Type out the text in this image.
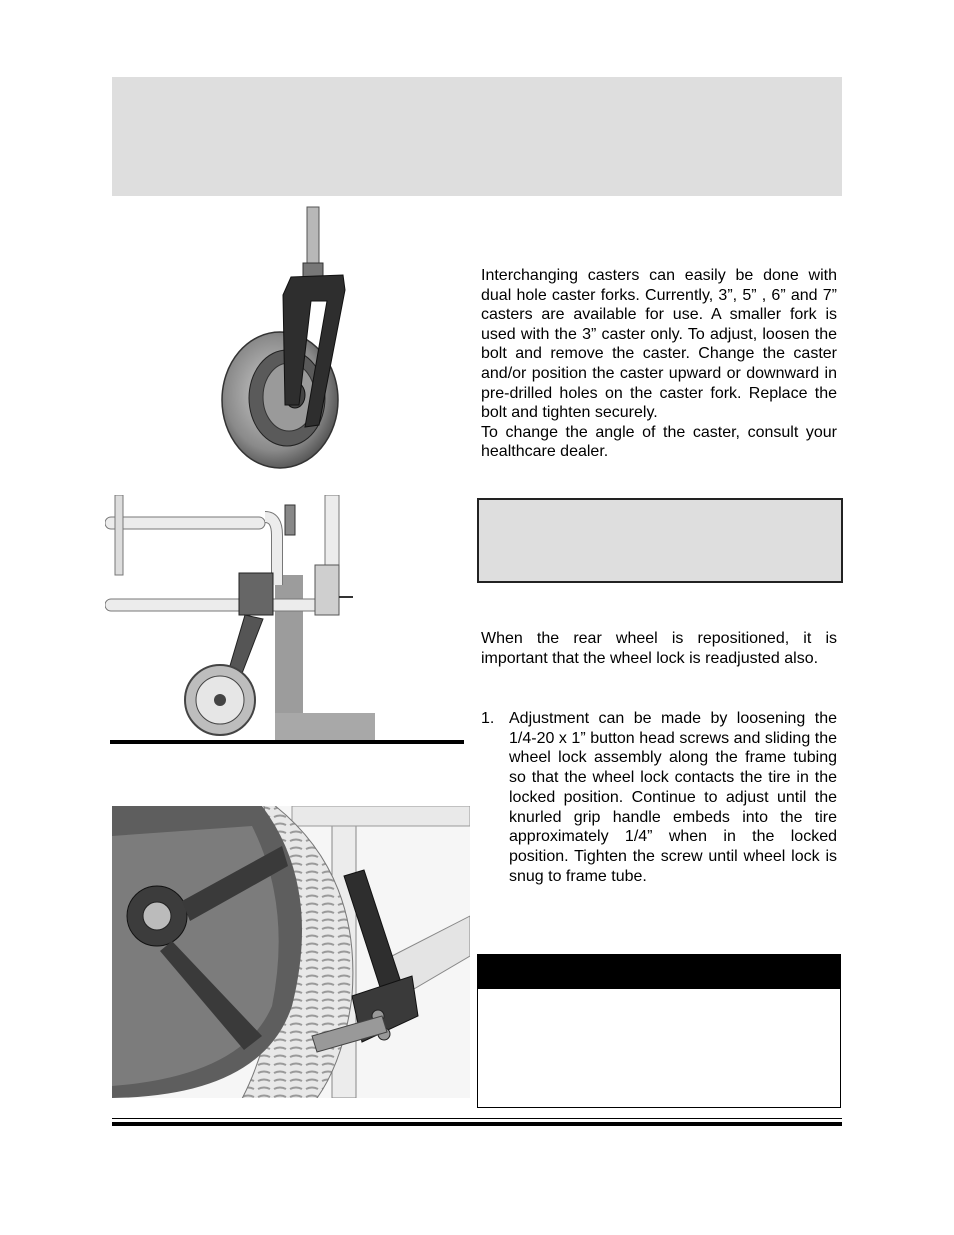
Interchanging casters can easily be done with dual hole caster forks. Currently, 3”, 5” , 6” and 7” casters are available for use. A smaller fork is used with the 3” caster only. To adjust, loosen the bolt and remove the caster. Change the caster and/or position the caster upward or downward in pre-drilled holes on the caster fork. Replace the bolt and tighten securely.

To change the angle of the caster, consult your healthcare dealer.

When the rear wheel is repositioned, it is important that the wheel lock is readjusted also.
1. Adjustment can be made by loosening the 1/4-20 x 1” button head screws and sliding the wheel lock assembly along the frame tubing so that the wheel lock contacts the tire in the locked position. Continue to adjust until the knurled grip handle embeds into the tire approximately 1/4” when in the locked position. Tighten the screw until wheel lock is snug to frame tube.
